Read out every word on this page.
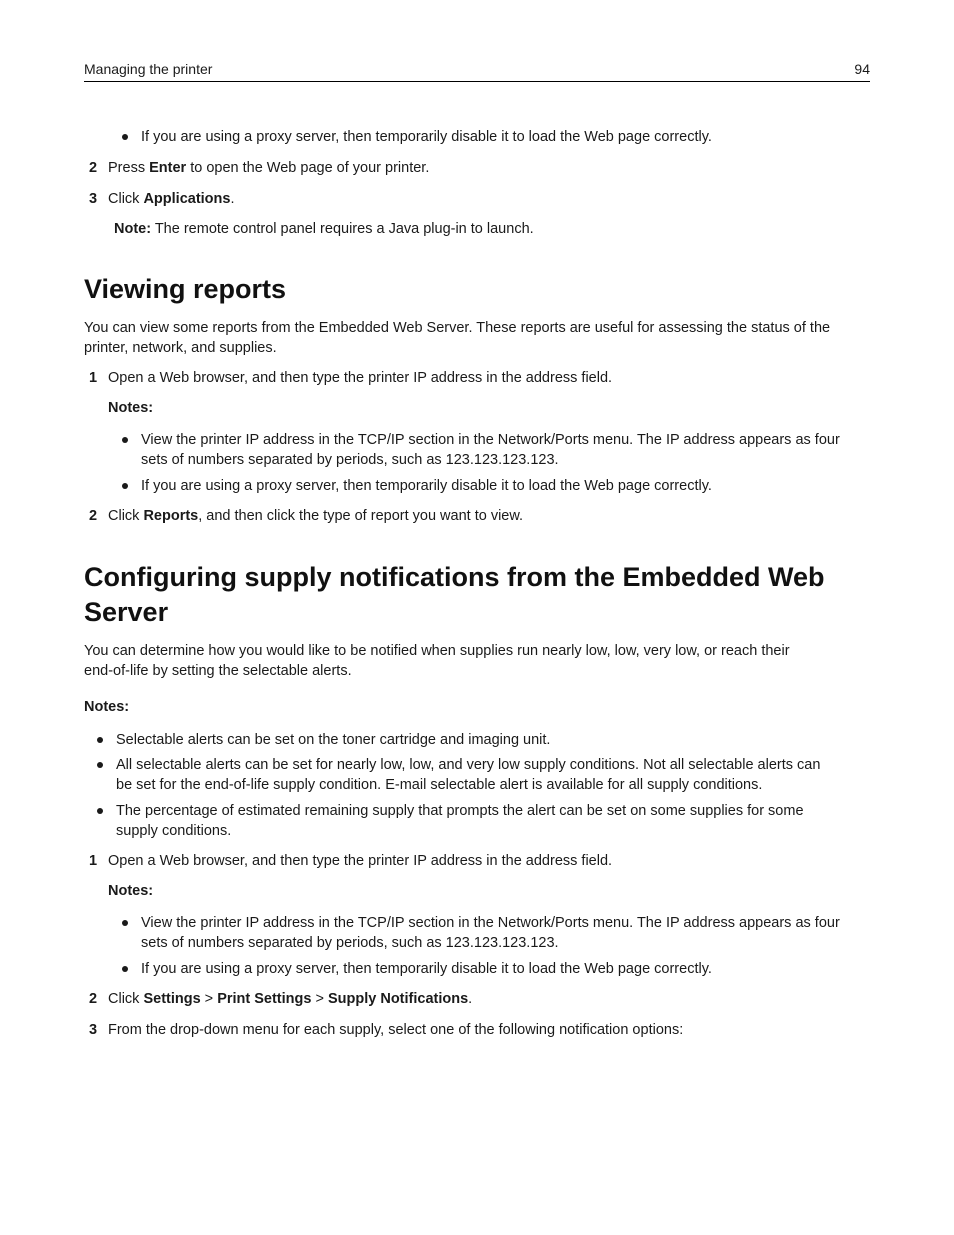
Managing the printer	94
If you are using a proxy server, then temporarily disable it to load the Web page correctly.
2 Press Enter to open the Web page of your printer.
3 Click Applications.
Note: The remote control panel requires a Java plug-in to launch.
Viewing reports
You can view some reports from the Embedded Web Server. These reports are useful for assessing the status of the
printer, network, and supplies.
1 Open a Web browser, and then type the printer IP address in the address field.
Notes:
View the printer IP address in the TCP/IP section in the Network/Ports menu. The IP address appears as four
sets of numbers separated by periods, such as 123.123.123.123.
If you are using a proxy server, then temporarily disable it to load the Web page correctly.
2 Click Reports, and then click the type of report you want to view.
Configuring supply notifications from the Embedded Web
Server
You can determine how you would like to be notified when supplies run nearly low, low, very low, or reach their
end-of-life by setting the selectable alerts.
Notes:
Selectable alerts can be set on the toner cartridge and imaging unit.
All selectable alerts can be set for nearly low, low, and very low supply conditions. Not all selectable alerts can
be set for the end-of-life supply condition. E-mail selectable alert is available for all supply conditions.
The percentage of estimated remaining supply that prompts the alert can be set on some supplies for some
supply conditions.
1 Open a Web browser, and then type the printer IP address in the address field.
Notes:
View the printer IP address in the TCP/IP section in the Network/Ports menu. The IP address appears as four
sets of numbers separated by periods, such as 123.123.123.123.
If you are using a proxy server, then temporarily disable it to load the Web page correctly.
2 Click Settings > Print Settings > Supply Notifications.
3 From the drop-down menu for each supply, select one of the following notification options:
